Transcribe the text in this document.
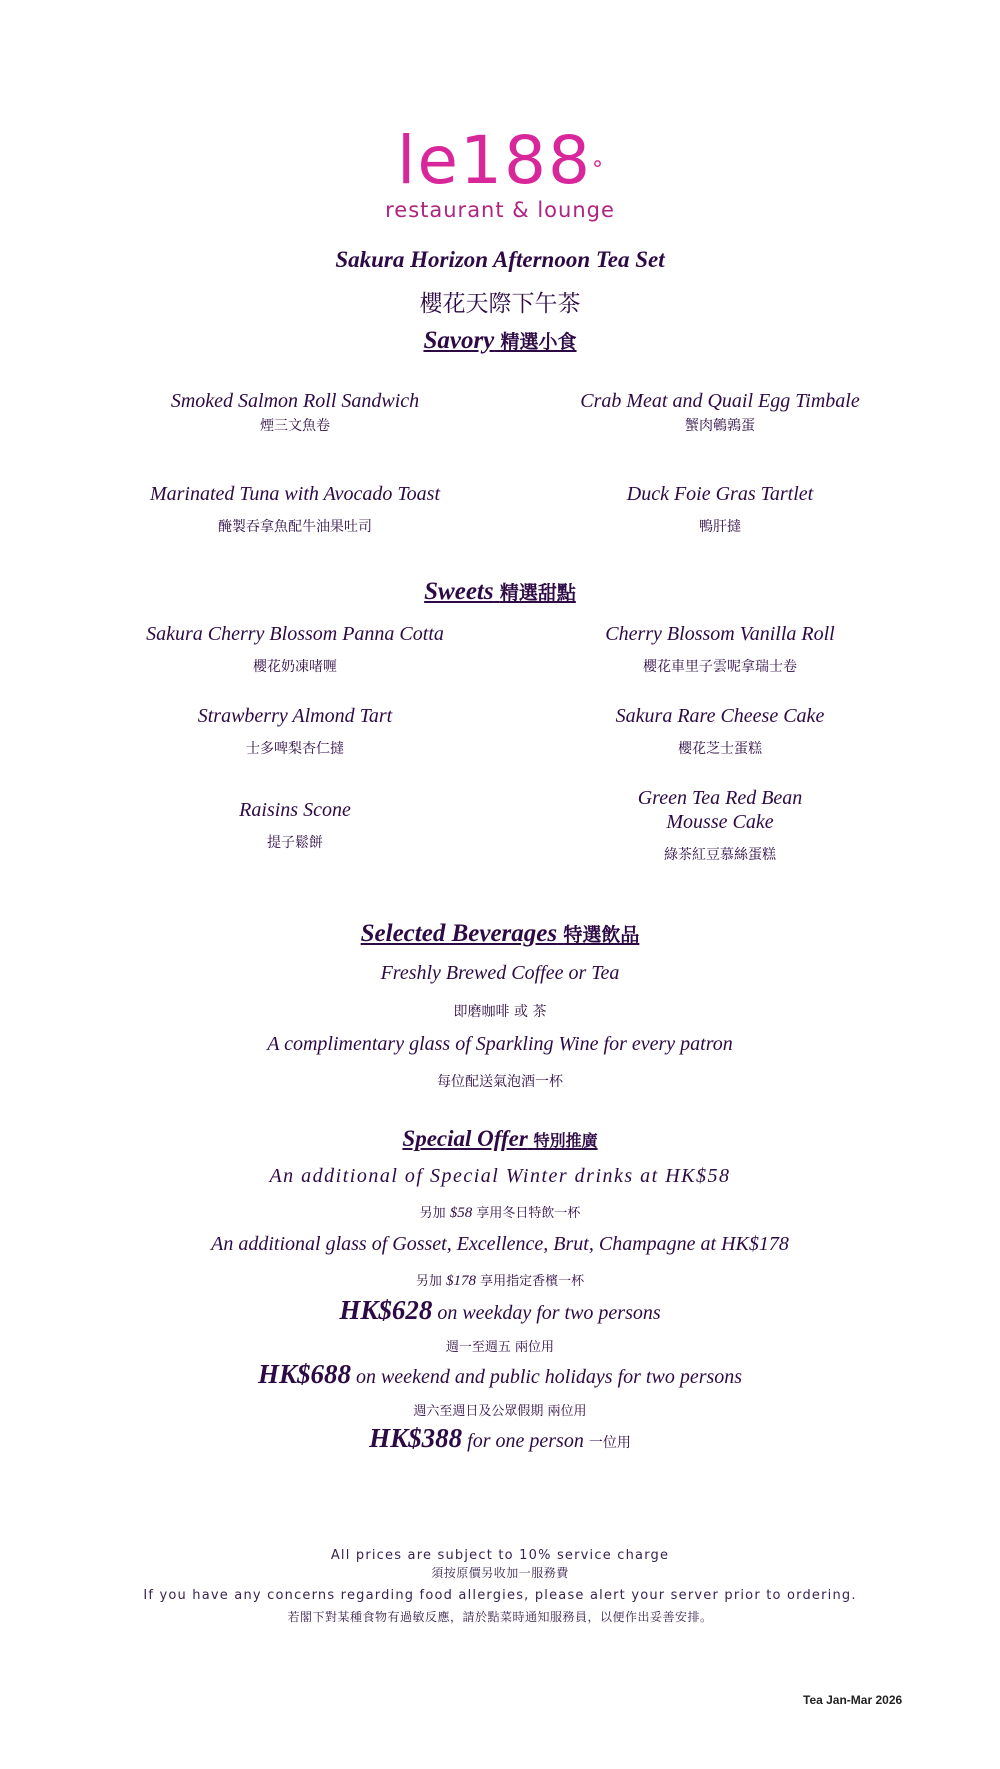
le188°
restaurant & lounge
Sakura Horizon Afternoon Tea Set
櫻花天際下午茶
Savory 精選小食
Smoked Salmon Roll Sandwich
煙三文魚卷
Crab Meat and Quail Egg Timbale
蟹肉鵪鶉蛋
Marinated Tuna with Avocado Toast
醃製吞拿魚配牛油果吐司
Duck Foie Gras Tartlet
鴨肝撻
Sweets 精選甜點
Sakura Cherry Blossom Panna Cotta
櫻花奶凍啫喱
Cherry Blossom Vanilla Roll
櫻花車里子雲呢拿瑞士卷
Strawberry Almond Tart
士多啤梨杏仁撻
Sakura Rare Cheese Cake
櫻花芝士蛋糕
Raisins Scone
提子鬆餅
Green Tea Red Bean
Mousse Cake
綠茶紅豆慕絲蛋糕
Selected Beverages 特選飲品
Freshly Brewed Coffee or Tea
即磨咖啡 或 茶
A complimentary glass of Sparkling Wine for every patron
每位配送氣泡酒一杯
Special Offer 特別推廣
An additional of Special Winter drinks at HK$58
另加 $58 享用冬日特飲一杯
An additional glass of Gosset, Excellence, Brut, Champagne at HK$178
另加 $178 享用指定香檳一杯
HK$628 on weekday for two persons
週一至週五 兩位用
HK$688 on weekend and public holidays for two persons
週六至週日及公眾假期 兩位用
HK$388 for one person 一位用
All prices are subject to 10% service charge
須按原價另收加一服務費
If you have any concerns regarding food allergies, please alert your server prior to ordering.
若閣下對某種食物有過敏反應，請於點菜時通知服務員，以便作出妥善安排。
Tea Jan-Mar 2026
